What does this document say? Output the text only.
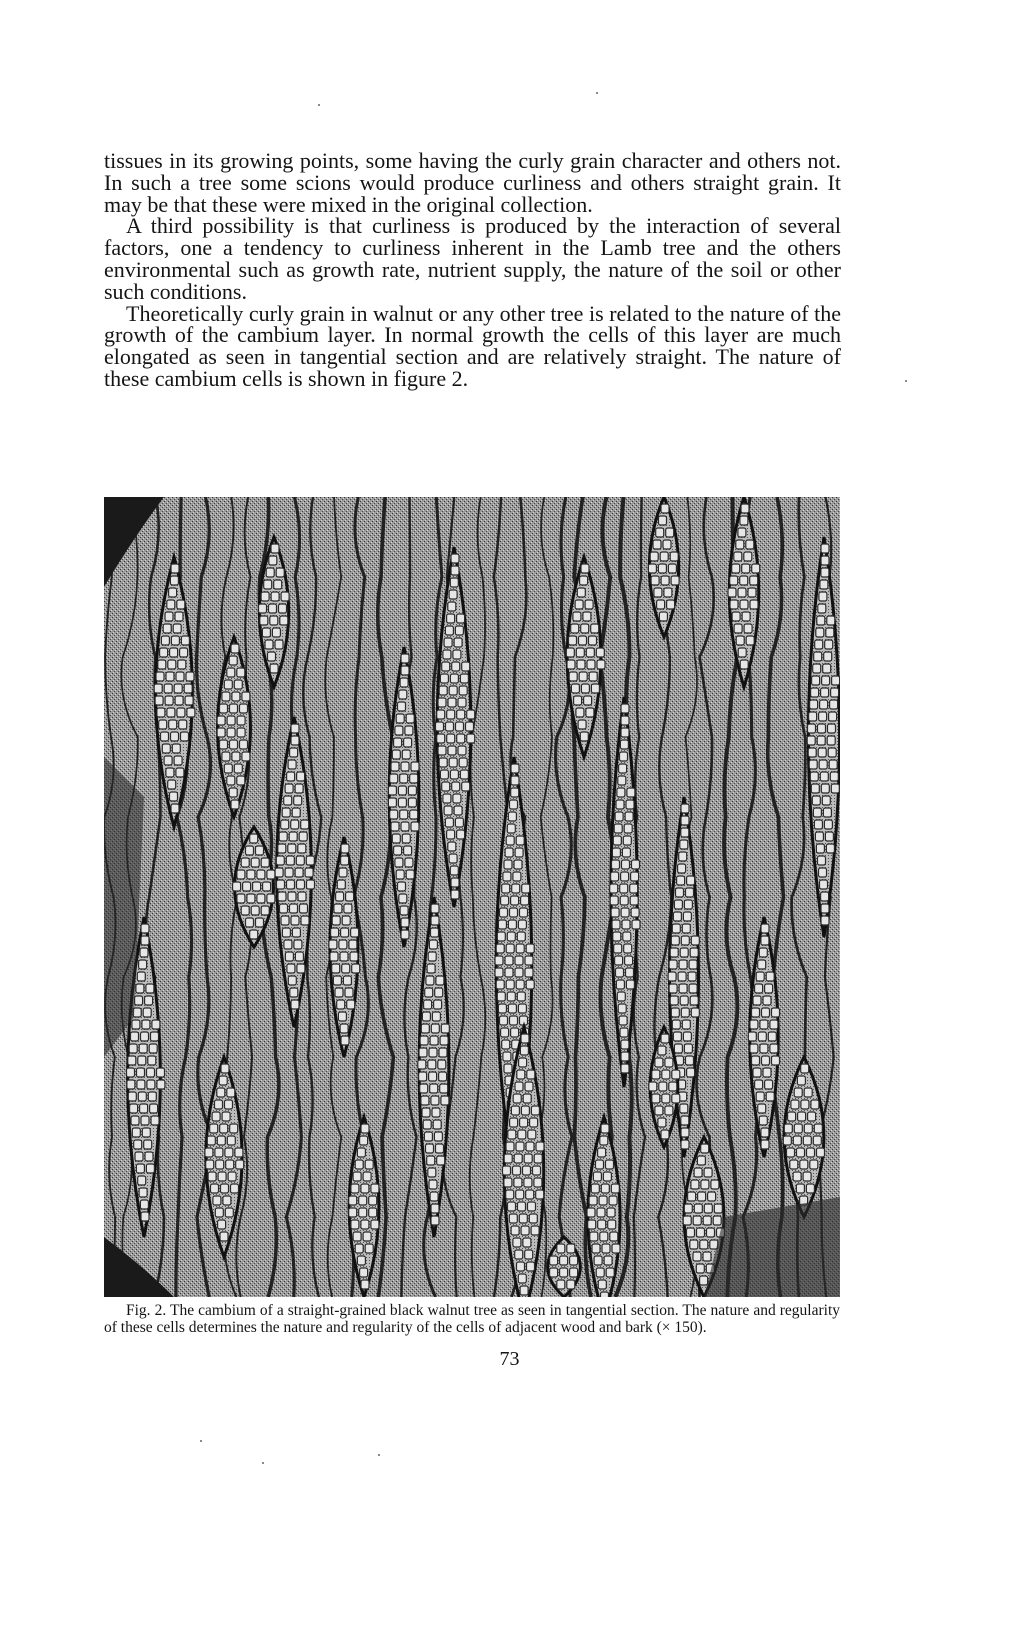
tissues in its growing points, some having the curly grain character and others not. In such a tree some scions would produce curliness and others straight grain. It may be that these were mixed in the original collection.

A third possibility is that curliness is produced by the interaction of several factors, one a tendency to curliness inherent in the Lamb tree and the others environmental such as growth rate, nutrient supply, the nature of the soil or other such conditions.

Theoretically curly grain in walnut or any other tree is related to the nature of the growth of the cambium layer. In normal growth the cells of this layer are much elongated as seen in tangential section and are relatively straight. The nature of these cambium cells is shown in figure 2.

Fig. 2. The cambium of a straight-grained black walnut tree as seen in tangential section. The nature and regularity of these cells determines the nature and regularity of the cells of adjacent wood and bark (× 150).

73
